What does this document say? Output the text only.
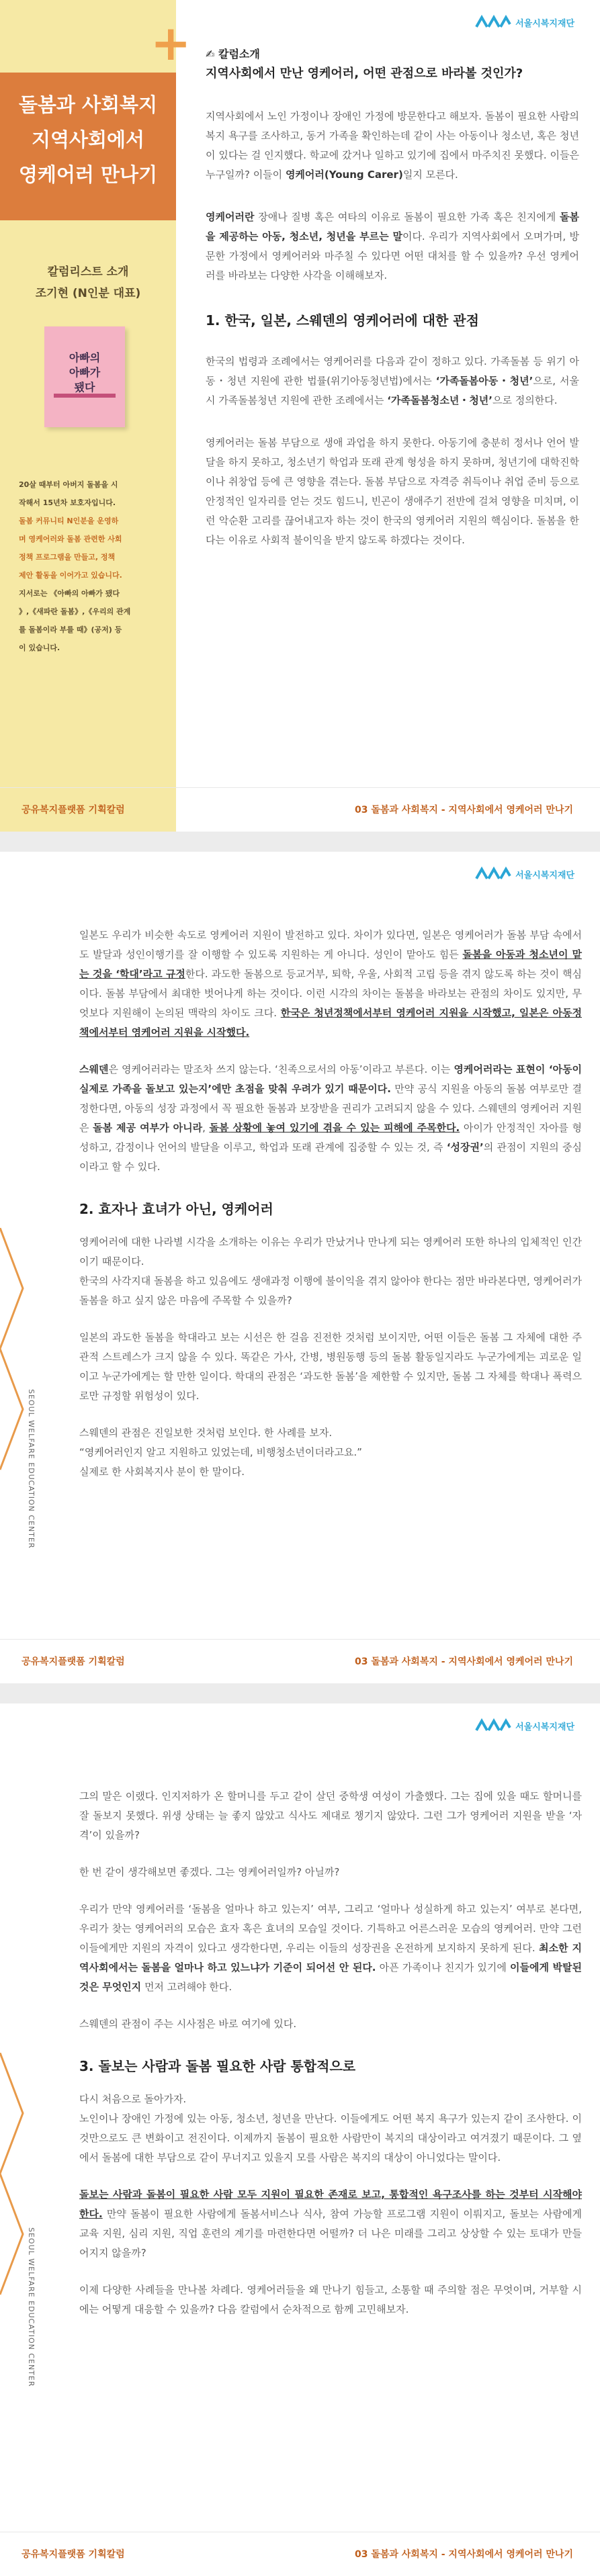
돌봄과 사회복지
지역사회에서
영케어러 만나기
칼럼리스트 소개
조기현 (N인분 대표)
아빠의
아빠가
됐다
20살 때부터 아버지 돌봄을 시
작해서 15년차 보호자입니다.
돌봄 커뮤니티 N인분을 운영하
며 영케어러와 돌봄 관련한 사회
정책 프로그램을 만들고, 정책
제안 활동을 이어가고 있습니다.
지서로는 《아빠의 아빠가 됐다
》,《새파란 돌봄》,《우리의 관계
를 돌봄이라 부를 때》(공저) 등
이 있습니다.
+	서울시복지재단
✍ 칼럼소개
지역사회에서 만난 영케어러, 어떤 관점으로 바라볼 것인가?

지역사회에서 노인 가정이나 장애인 가정에 방문한다고 해보자. 돌봄이 필요한 사람의 복지 욕구를 조사하고, 동거 가족을 확인하는데 같이 사는 아동이나 청소년, 혹은 청년이 있다는 걸 인지했다. 학교에 갔거나 일하고 있기에 집에서 마주치진 못했다. 이들은 누구일까? 이들이 영케어러(Young Carer)일지 모른다.

영케어러란 장애나 질병 혹은 여타의 이유로 돌봄이 필요한 가족 혹은 친지에게 돌봄을 제공하는 아동, 청소년, 청년을 부르는 말이다. 우리가 지역사회에서 오며가며, 방문한 가정에서 영케어러와 마주칠 수 있다면 어떤 대처를 할 수 있을까? 우선 영케어러를 바라보는 다양한 사각을 이해해보자.

1. 한국, 일본, 스웨덴의 영케어러에 대한 관점

한국의 법령과 조례에서는 영케어러를 다음과 같이 정하고 있다. 가족돌봄 등 위기 아동・청년 지원에 관한 법률(위기아동청년법)에서는 ‘가족돌봄아동・청년’으로, 서울시 가족돌봄청년 지원에 관한 조례에서는 ‘가족돌봄청소년・청년’으로 정의한다.

영케어러는 돌봄 부담으로 생애 과업을 하지 못한다. 아동기에 충분히 정서나 언어 발달을 하지 못하고, 청소년기 학업과 또래 관계 형성을 하지 못하며, 청년기에 대학진학이나 취창업 등에 큰 영향을 겪는다. 돌봄 부담으로 자격증 취득이나 취업 준비 등으로 안정적인 일자리를 얻는 것도 힘드니, 빈곤이 생애주기 전반에 걸쳐 영향을 미치며, 이런 악순환 고리를 끊어내고자 하는 것이 한국의 영케어러 지원의 핵심이다. 돌봄을 한다는 이유로 사회적 불이익을 받지 않도록 하겠다는 것이다.

공유복지플랫폼 기획칼럼	03 돌봄과 사회복지 - 지역사회에서 영케어러 만나기
서울시복지재단
SEOUL WELFARE EDUCATION CENTER

일본도 우리가 비슷한 속도로 영케어러 지원이 발전하고 있다. 차이가 있다면, 일본은 영케어러가 돌봄 부담 속에서도 발달과 성인이행기를 잘 이행할 수 있도록 지원하는 게 아니다. 성인이 맡아도 힘든 돌봄을 아동과 청소년이 맡는 것을 ‘학대’라고 규정한다. 과도한 돌봄으로 등교거부, 퇴학, 우울, 사회적 고립 등을 겪지 않도록 하는 것이 핵심이다. 돌봄 부담에서 최대한 벗어나게 하는 것이다. 이런 시각의 차이는 돌봄을 바라보는 관점의 차이도 있지만, 무엇보다 지원해이 논의된 맥락의 차이도 크다. 한국은 청년정책에서부터 영케어러 지원을 시작했고, 일본은 아동정책에서부터 영케어러 지원을 시작했다.

스웨덴은 영케어러라는 말조차 쓰지 않는다. ‘친족으로서의 아동’이라고 부른다. 이는 영케어러라는 표현이 ‘아동이 실제로 가족을 돌보고 있는지’에만 초점을 맞춰 우려가 있기 때문이다. 만약 공식 지원을 아동의 돌봄 여부로만 결정한다면, 아동의 성장 과정에서 꼭 필요한 돌봄과 보장받을 권리가 고려되지 않을 수 있다. 스웨덴의 영케어러 지원은 돌봄 제공 여부가 아니라, 돌봄 상황에 놓여 있기에 겪을 수 있는 피해에 주목한다. 아이가 안정적인 자아를 형성하고, 감정이나 언어의 발달을 이루고, 학업과 또래 관계에 집중할 수 있는 것, 즉 ‘성장권’의 관점이 지원의 중심이라고 할 수 있다.

2. 효자나 효녀가 아닌, 영케어러

영케어러에 대한 나라별 시각을 소개하는 이유는 우리가 만났거나 만나게 되는 영케어러 또한 하나의 입체적인 인간이기 때문이다.

한국의 사각지대 돌봄을 하고 있음에도 생애과정 이행에 불이익을 겪지 않아야 한다는 점만 바라본다면, 영케어러가 돌봄을 하고 싶지 않은 마음에 주목할 수 있을까?

일본의 과도한 돌봄을 학대라고 보는 시선은 한 걸음 진전한 것처럼 보이지만, 어떤 이들은 돌봄 그 자체에 대한 주관적 스트레스가 크지 않을 수 있다. 똑같은 가사, 간병, 병원동행 등의 돌봄 활동일지라도 누군가에게는 괴로운 일이고 누군가에게는 할 만한 일이다. 학대의 관점은 ‘과도한 돌봄’을 제한할 수 있지만, 돌봄 그 자체를 학대나 폭력으로만 규정할 위험성이 있다.

스웨덴의 관점은 진일보한 것처럼 보인다. 한 사례를 보자.

“영케어러인지 알고 지원하고 있었는데, 비행청소년이더라고요.”

실제로 한 사회복지사 분이 한 말이다.

공유복지플랫폼 기획칼럼	03 돌봄과 사회복지 - 지역사회에서 영케어러 만나기
서울시복지재단
SEOUL WELFARE EDUCATION CENTER

그의 말은 이랬다. 인지저하가 온 할머니를 두고 같이 살던 중학생 여성이 가출했다. 그는 집에 있을 때도 할머니를 잘 돌보지 못했다. 위생 상태는 늘 좋지 않았고 식사도 제대로 챙기지 않았다. 그런 그가 영케어러 지원을 받을 ‘자격’이 있을까?

한 번 같이 생각해보면 좋겠다. 그는 영케어러일까? 아닐까?

우리가 만약 영케어러를 ‘돌봄을 얼마나 하고 있는지’ 여부, 그리고 ‘얼마나 성실하게 하고 있는지’ 여부로 본다면, 우리가 찾는 영케어러의 모습은 효자 혹은 효녀의 모습일 것이다. 기특하고 어른스러운 모습의 영케어러. 만약 그런 이들에게만 지원의 자격이 있다고 생각한다면, 우리는 이들의 성장권을 온전하게 보지하지 못하게 된다. 최소한 지역사회에서는 돌봄을 얼마나 하고 있느냐가 기준이 되어선 안 된다. 아픈 가족이나 친지가 있기에 이들에게 박탈된 것은 무엇인지 먼저 고려해야 한다.

스웨덴의 관점이 주는 시사점은 바로 여기에 있다.

3. 돌보는 사람과 돌봄 필요한 사람 통합적으로

다시 처음으로 돌아가자.

노인이나 장애인 가정에 있는 아동, 청소년, 청년을 만난다. 이들에게도 어떤 복지 욕구가 있는지 같이 조사한다. 이것만으로도 큰 변화이고 전진이다. 이제까지 돌봄이 필요한 사람만이 복지의 대상이라고 여겨졌기 때문이다. 그 옆에서 돌봄에 대한 부담으로 같이 무너지고 있을지 모를 사람은 복지의 대상이 아니었다는 말이다.

돌보는 사람과 돌봄이 필요한 사람 모두 지원이 필요한 존재로 보고, 통합적인 욕구조사를 하는 것부터 시작해야 한다. 만약 돌봄이 필요한 사람에게 돌봄서비스나 식사, 참여 가능할 프로그램 지원이 이뤄지고, 돌보는 사람에게 교육 지원, 심리 지원, 직업 훈련의 계기를 마련한다면 어떨까? 더 나은 미래를 그리고 상상할 수 있는 토대가 만들어지지 않을까?

이제 다양한 사례들을 만나볼 차례다. 영케어러들을 왜 만나기 힘들고, 소통할 때 주의할 점은 무엇이며, 거부할 시에는 어떻게 대응할 수 있을까? 다음 칼럼에서 순차적으로 함께 고민해보자.

공유복지플랫폼 기획칼럼	03 돌봄과 사회복지 - 지역사회에서 영케어러 만나기
